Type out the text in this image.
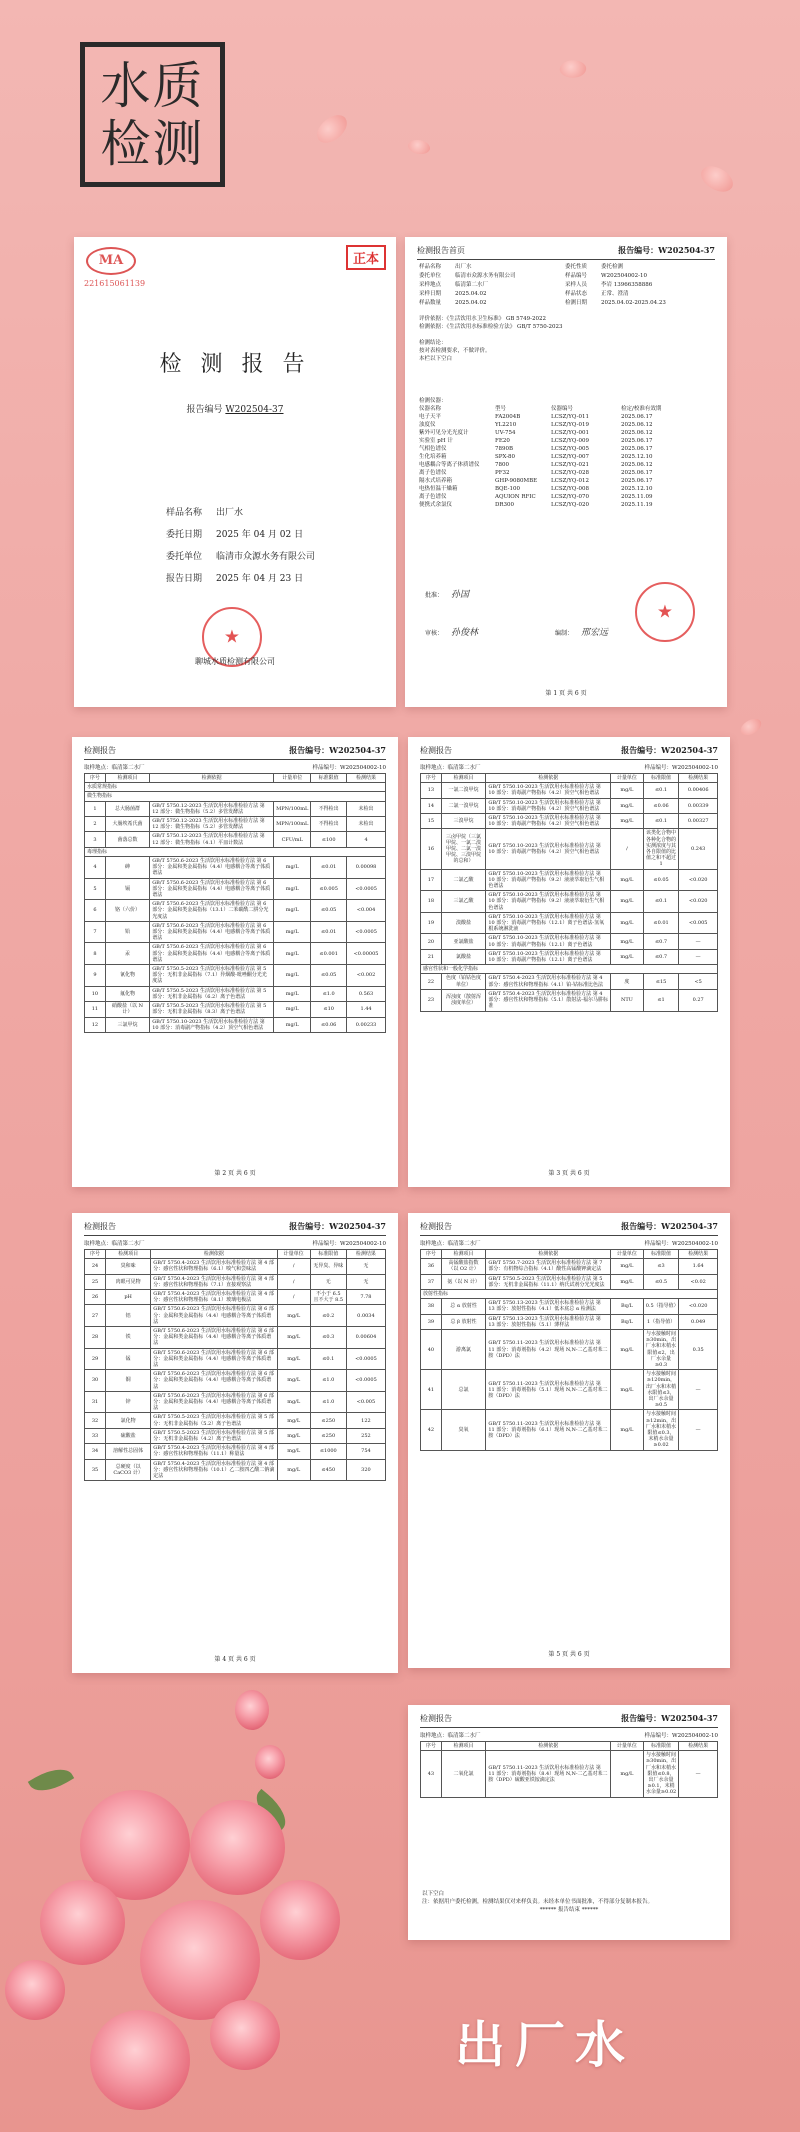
水质
检测
MA
221615061139
正本
检 测 报 告
报告编号 W202504-37
样品名称 出厂水
委托日期 2025 年 04 月 02 日
委托单位 临清市众源水务有限公司
报告日期 2025 年 04 月 23 日
★
聊城水质检测有限公司
检测报告首页	报告编号：W202504-37
样品名称	出厂水	委托性质	委托检测
委托单位	临清市众源水务有限公司	样品编号	W202504002-10
采样地点	临清第二水厂	采样人员	李岩 13966358886
采样日期	2025.04.02	样品状态	正常、澄清
样品数量	2025.04.02	检测日期	2025.04.02-2025.04.23
评价依据：《生活饮用水卫生标准》 GB 5749-2022
检测依据：《生活饮用水标准检验方法》 GB/T 5750-2023
检测结论：
按对表检测要求，不做评价。
本栏以下空白
检测仪器：
仪器名称	型号	仪器编号	检定/校准有效期
电子天平	FA2004B	LCSZ/YQ-011	2025.06.17
浊度仪	YL2210	LCSZ/YQ-019	2025.06.12
紫外可见分光光度计	UV-754	LCSZ/YQ-001	2025.06.12
实验室 pH 计	FE20	LCSZ/YQ-009	2025.06.17
气相色谱仪	7890B	LCSZ/YQ-005	2025.06.17
生化培养箱	SPX-80	LCSZ/YQ-007	2025.12.10
电感耦合等离子体质谱仪	7800	LCSZ/YQ-021	2025.06.12
离子色谱仪	PF32	LCSZ/YQ-028	2025.06.17
隔水式培养箱	GHP-9080MBE	LCSZ/YQ-012	2025.06.17
电热恒温干燥箱	BQE-100	LCSZ/YQ-008	2025.12.10
离子色谱仪	AQUION RFIC	LCSZ/YQ-070	2025.11.09
便携式余氯仪	DR300	LCSZ/YQ-020	2025.11.19
批准： 孙国
审核： 孙俊林	编制： 邢宏远
★
第 1 页 共 6 页
检测报告	报告编号：W202504-37
取样地点：临清第二水厂	样品编号：W202504002-10
序号	检测项目	检测依据	计量单位	标准限值	检测结果
水质常规指标					
微生物指标					
1	总大肠菌群	GB/T 5750.12-2023 生活饮用水标准检验方法 第 12 部分：微生物指标（5.2）多管发酵法	MPN/100mL	不得检出	未检出
2	大肠埃希氏菌	GB/T 5750.12-2023 生活饮用水标准检验方法 第 12 部分：微生物指标（5.2）多管发酵法	MPN/100mL	不得检出	未检出
3	菌落总数	GB/T 5750.12-2023 生活饮用水标准检验方法 第 12 部分：微生物指标（4.1）平皿计数法	CFU/mL	≤100	4
毒理指标					
4	砷	GB/T 5750.6-2023 生活饮用水标准检验方法 第 6 部分：金属和类金属指标（4.4）电感耦合等离子体质谱法	mg/L	≤0.01	0.00098
5	镉	GB/T 5750.6-2023 生活饮用水标准检验方法 第 6 部分：金属和类金属指标（4.4）电感耦合等离子体质谱法	mg/L	≤0.005	<0.0005
6	铬（六价）	GB/T 5750.6-2023 生活饮用水标准检验方法 第 6 部分：金属和类金属指标（13.1）二苯碳酰二肼分光光度法	mg/L	≤0.05	<0.004
7	铅	GB/T 5750.6-2023 生活饮用水标准检验方法 第 6 部分：金属和类金属指标（4.4）电感耦合等离子体质谱法	mg/L	≤0.01	<0.0005
8	汞	GB/T 5750.6-2023 生活饮用水标准检验方法 第 6 部分：金属和类金属指标（4.4）电感耦合等离子体质谱法	mg/L	≤0.001	<0.00005
9	氰化物	GB/T 5750.5-2023 生活饮用水标准检验方法 第 5 部分：无机非金属指标（7.1）异烟酸-吡唑酮分光光度法	mg/L	≤0.05	<0.002
10	氟化物	GB/T 5750.5-2023 生活饮用水标准检验方法 第 5 部分：无机非金属指标（6.2）离子色谱法	mg/L	≤1.0	0.563
11	硝酸盐（以 N 计）	GB/T 5750.5-2023 生活饮用水标准检验方法 第 5 部分：无机非金属指标（8.3）离子色谱法	mg/L	≤10	1.44
12	三氯甲烷	GB/T 5750.10-2023 生活饮用水标准检验方法 第 10 部分：消毒副产物指标（4.2）顶空气相色谱法	mg/L	≤0.06	0.00233
第 2 页 共 6 页
检测报告	报告编号：W202504-37
取样地点：临清第二水厂	样品编号：W202504002-10
序号	检测项目	检测依据	计量单位	标准限值	检测结果
13	一氯二溴甲烷	GB/T 5750.10-2023 生活饮用水标准检验方法 第 10 部分：消毒副产物指标（4.2）顶空气相色谱法	mg/L	≤0.1	0.00406
14	二氯一溴甲烷	GB/T 5750.10-2023 生活饮用水标准检验方法 第 10 部分：消毒副产物指标（4.2）顶空气相色谱法	mg/L	≤0.06	0.00339
15	三溴甲烷	GB/T 5750.10-2023 生活饮用水标准检验方法 第 10 部分：消毒副产物指标（4.2）顶空气相色谱法	mg/L	≤0.1	0.00327
16	三卤甲烷（三氯甲烷、一氯二溴甲烷、二氯一溴甲烷、三溴甲烷的总和）	GB/T 5750.10-2023 生活饮用水标准检验方法 第 10 部分：消毒副产物指标（4.2）顶空气相色谱法	/	该类化合物中各种化合物的实测浓度与其各自限值的比值之和不超过1	0.243
17	二氯乙酸	GB/T 5750.10-2023 生活饮用水标准检验方法 第 10 部分：消毒副产物指标（9.2）液液萃取衍生气相色谱法	mg/L	≤0.05	<0.020
18	三氯乙酸	GB/T 5750.10-2023 生活饮用水标准检验方法 第 10 部分：消毒副产物指标（9.2）液液萃取衍生气相色谱法	mg/L	≤0.1	<0.020
19	溴酸盐	GB/T 5750.10-2023 生活饮用水标准检验方法 第 10 部分：消毒副产物指标（12.1）离子色谱法-氢氧根系统淋洗液	mg/L	≤0.01	<0.005
20	亚氯酸盐	GB/T 5750.10-2023 生活饮用水标准检验方法 第 10 部分：消毒副产物指标（12.1）离子色谱法	mg/L	≤0.7	—
21	氯酸盐	GB/T 5750.10-2023 生活饮用水标准检验方法 第 10 部分：消毒副产物指标（12.1）离子色谱法	mg/L	≤0.7	—
感官性状和一般化学指标					
22	色度（铂钴色度单位）	GB/T 5750.4-2023 生活饮用水标准检验方法 第 4 部分：感官性状和物理指标（4.1）铂-钴标准比色法	度	≤15	<5
23	浑浊度（散射浑浊度单位）	GB/T 5750.4-2023 生活饮用水标准检验方法 第 4 部分：感官性状和物理指标（5.1）散射法-福尔马肼标准	NTU	≤1	0.27
第 3 页 共 6 页
检测报告	报告编号：W202504-37
取样地点：临清第二水厂	样品编号：W202504002-10
序号	检测项目	检测依据	计量单位	标准限值	检测结果
24	臭和味	GB/T 5750.4-2023 生活饮用水标准检验方法 第 4 部分：感官性状和物理指标（6.1）嗅气和尝味法	/	无异臭、异味	无
25	肉眼可见物	GB/T 5750.4-2023 生活饮用水标准检验方法 第 4 部分：感官性状和物理指标（7.1）直接观察法	/	无	无
26	pH	GB/T 5750.4-2023 生活饮用水标准检验方法 第 4 部分：感官性状和物理指标（8.1）玻璃电极法	/	不小于 6.5 且不大于 8.5	7.78
27	铝	GB/T 5750.6-2023 生活饮用水标准检验方法 第 6 部分：金属和类金属指标（4.4）电感耦合等离子体质谱法	mg/L	≤0.2	0.0034
28	铁	GB/T 5750.6-2023 生活饮用水标准检验方法 第 6 部分：金属和类金属指标（4.4）电感耦合等离子体质谱法	mg/L	≤0.3	0.00604
29	锰	GB/T 5750.6-2023 生活饮用水标准检验方法 第 6 部分：金属和类金属指标（4.4）电感耦合等离子体质谱法	mg/L	≤0.1	<0.0005
30	铜	GB/T 5750.6-2023 生活饮用水标准检验方法 第 6 部分：金属和类金属指标（4.4）电感耦合等离子体质谱法	mg/L	≤1.0	<0.0005
31	锌	GB/T 5750.6-2023 生活饮用水标准检验方法 第 6 部分：金属和类金属指标（4.4）电感耦合等离子体质谱法	mg/L	≤1.0	<0.005
32	氯化物	GB/T 5750.5-2023 生活饮用水标准检验方法 第 5 部分：无机非金属指标（5.2）离子色谱法	mg/L	≤250	122
33	硫酸盐	GB/T 5750.5-2023 生活饮用水标准检验方法 第 5 部分：无机非金属指标（4.2）离子色谱法	mg/L	≤250	252
34	溶解性总固体	GB/T 5750.4-2023 生活饮用水标准检验方法 第 4 部分：感官性状和物理指标（11.1）称量法	mg/L	≤1000	754
35	总硬度（以 CaCO3 计）	GB/T 5750.4-2023 生活饮用水标准检验方法 第 4 部分：感官性状和物理指标（10.1）乙二胺四乙酸二钠滴定法	mg/L	≤450	320
第 4 页 共 6 页
检测报告	报告编号：W202504-37
取样地点：临清第二水厂	样品编号：W202504002-10
序号	检测项目	检测依据	计量单位	标准限值	检测结果
36	高锰酸盐指数（以 O2 计）	GB/T 5750.7-2023 生活饮用水标准检验方法 第 7 部分：有机物综合指标（4.1）酸性高锰酸钾滴定法	mg/L	≤3	1.64
37	氨（以 N 计）	GB/T 5750.5-2023 生活饮用水标准检验方法 第 5 部分：无机非金属指标（11.1）纳氏试剂分光光度法	mg/L	≤0.5	<0.02
放射性指标					
38	总 α 放射性	GB/T 5750.13-2023 生活饮用水标准检验方法 第 13 部分：放射性指标（4.1）低本底总 α 检测法	Bq/L	0.5（指导值）	<0.020
39	总 β 放射性	GB/T 5750.13-2023 生活饮用水标准检验方法 第 13 部分：放射性指标（5.1）薄样法	Bq/L	1（指导值）	0.049
40	游离氯	GB/T 5750.11-2023 生活饮用水标准检验方法 第 11 部分：消毒剂指标（4.2）现场 N,N-二乙基对苯二胺（DPD）法	mg/L	与水接触时间≥30min，出厂水和末梢水限值≤2，出厂水余量≥0.3	0.35
41	总氯	GB/T 5750.11-2023 生活饮用水标准检验方法 第 11 部分：消毒剂指标（5.1）现场 N,N-二乙基对苯二胺（DPD）法	mg/L	与水接触时间≥120min，出厂水和末梢水限值≤3，出厂水余量≥0.5	—
42	臭氧	GB/T 5750.11-2023 生活饮用水标准检验方法 第 11 部分：消毒剂指标（6.1）现场 N,N-二乙基对苯二胺（DPD）法	mg/L	与水接触时间≥12min，出厂水和末梢水限值≤0.3，末梢水余量≥0.02	—
第 5 页 共 6 页
检测报告	报告编号：W202504-37
取样地点：临清第二水厂	样品编号：W202504002-10
序号	检测项目	检测依据	计量单位	标准限值	检测结果
43	二氧化氯	GB/T 5750.11-2023 生活饮用水标准检验方法 第 11 部分：消毒剂指标（8.4）现场 N,N-二乙基对苯二胺（DPD）硫酸亚铁铵滴定法	mg/L	与水接触时间≥30min，出厂水和末梢水限值≤0.8，出厂水余量≥0.1，末梢水余量≥0.02	—
以下空白
注：依据用户委托检测，检测结果仅对来样负责。未经本单位书面批准，不得部分复制本报告。
****** 报告结束 ******
出厂水
